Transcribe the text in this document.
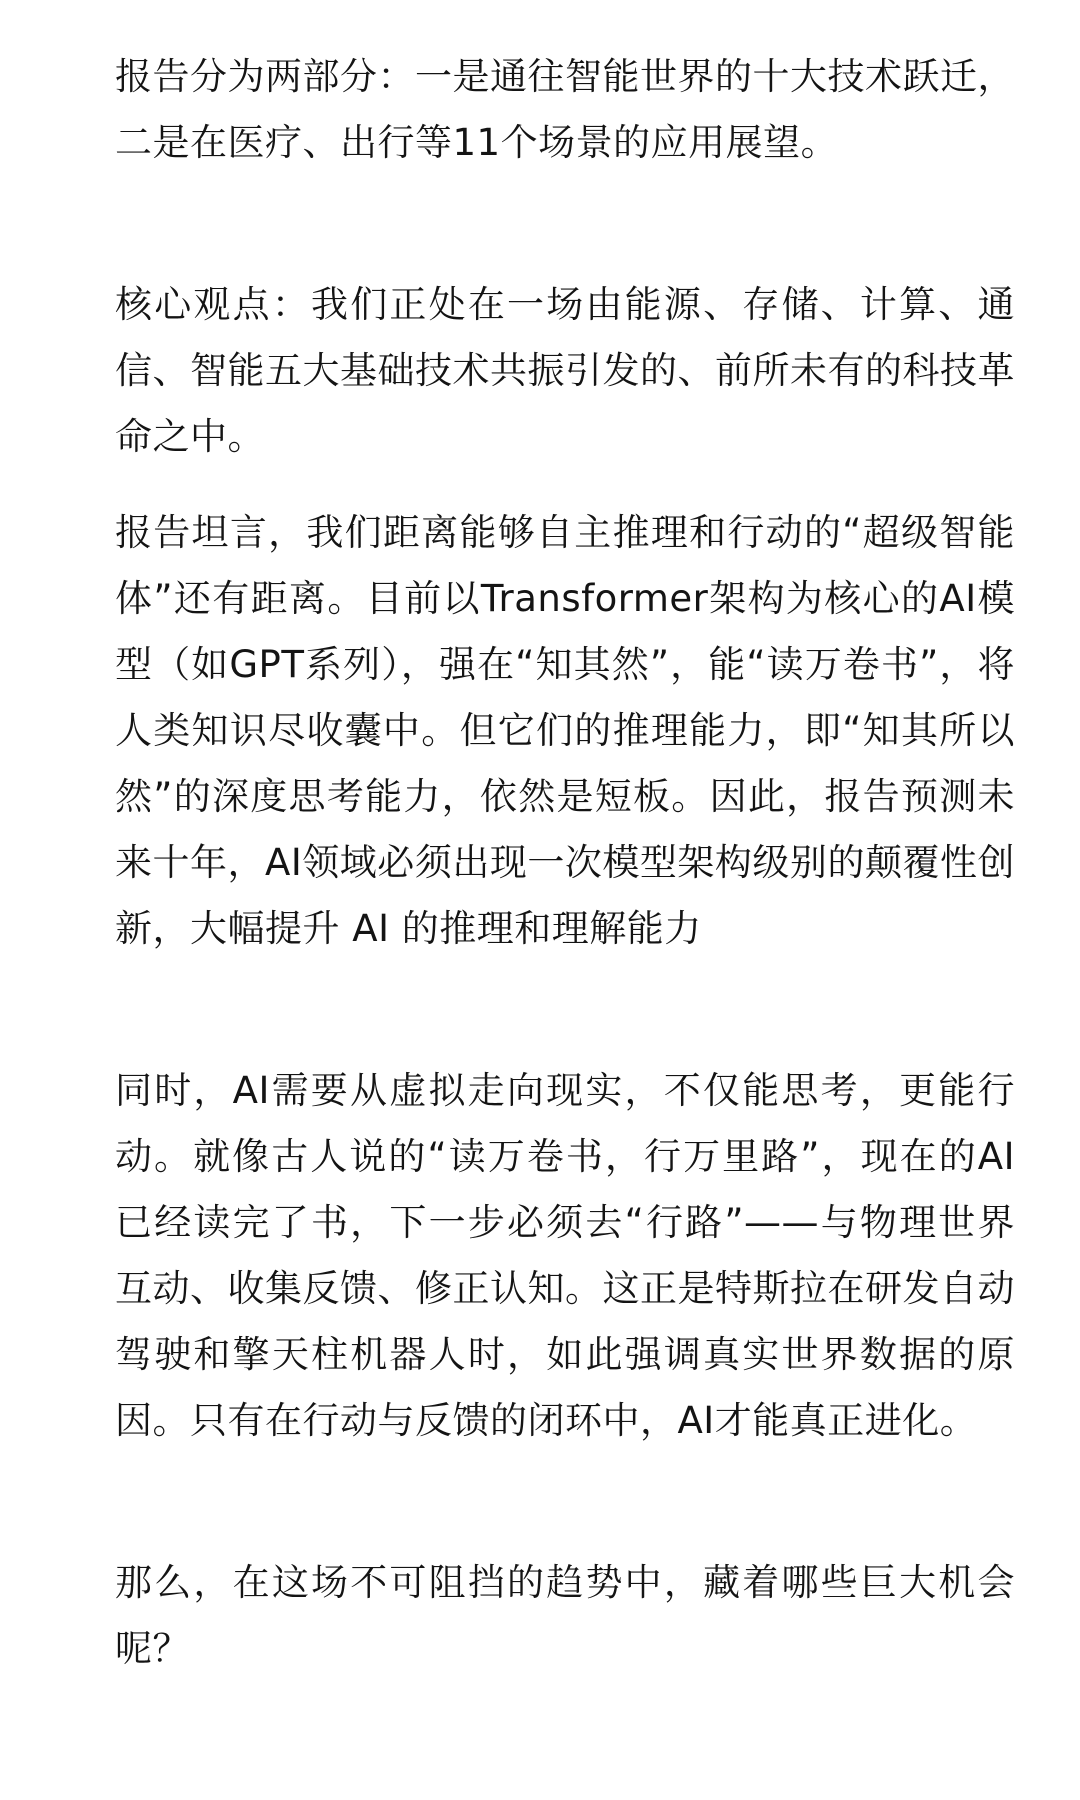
报告分为两部分：一是通往智能世界的十大技术跃迁，二是在医疗、出行等11个场景的应用展望。

核心观点：我们正处在一场由能源、存储、计算、通信、智能五大基础技术共振引发的、前所未有的科技革命之中。

报告坦言，我们距离能够自主推理和行动的“超级智能体”还有距离。目前以Transformer架构为核心的AI模型（如GPT系列），强在“知其然”，能“读万卷书”，将人类知识尽收囊中。但它们的推理能力，即“知其所以然”的深度思考能力，依然是短板。因此，报告预测未来十年，AI领域必须出现一次模型架构级别的颠覆性创新，大幅提升 AI 的推理和理解能力

同时，AI需要从虚拟走向现实，不仅能思考，更能行动。就像古人说的“读万卷书，行万里路”，现在的AI已经读完了书，下一步必须去“行路”——与物理世界互动、收集反馈、修正认知。这正是特斯拉在研发自动驾驶和擎天柱机器人时，如此强调真实世界数据的原因。只有在行动与反馈的闭环中，AI才能真正进化。

那么，在这场不可阻挡的趋势中，藏着哪些巨大机会呢？
